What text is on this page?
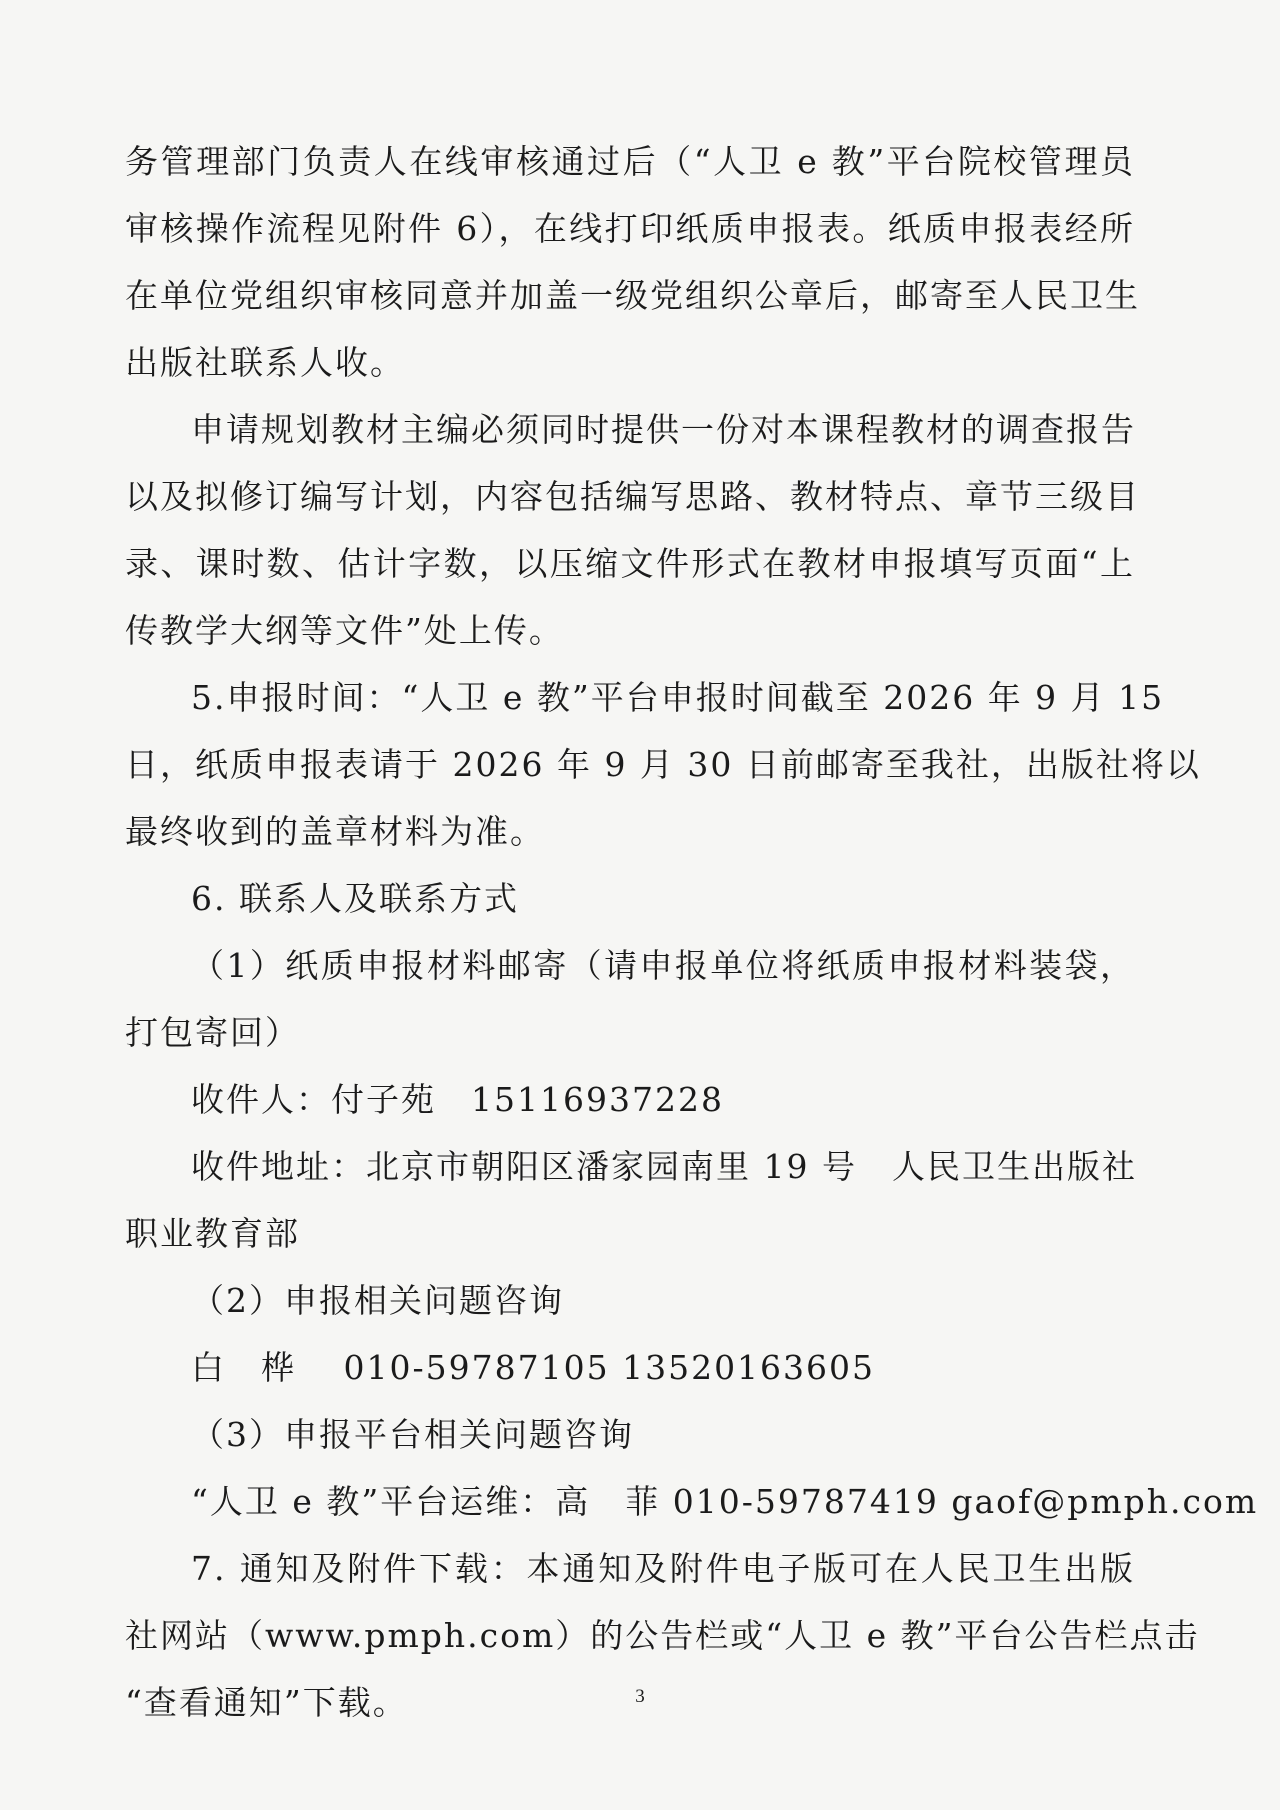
务管理部门负责人在线审核通过后（“人卫 e 教”平台院校管理员
审核操作流程见附件 6），在线打印纸质申报表。纸质申报表经所
在单位党组织审核同意并加盖一级党组织公章后，邮寄至人民卫生
出版社联系人收。
申请规划教材主编必须同时提供一份对本课程教材的调查报告
以及拟修订编写计划，内容包括编写思路、教材特点、章节三级目
录、课时数、估计字数，以压缩文件形式在教材申报填写页面“上
传教学大纲等文件”处上传。
5.申报时间：“人卫 e 教”平台申报时间截至 2026 年 9 月 15
日，纸质申报表请于 2026 年 9 月 30 日前邮寄至我社，出版社将以
最终收到的盖章材料为准。
6. 联系人及联系方式
（1）纸质申报材料邮寄（请申报单位将纸质申报材料装袋，
打包寄回）
收件人：付子苑　15116937228
收件地址：北京市朝阳区潘家园南里 19 号　人民卫生出版社
职业教育部
（2）申报相关问题咨询
白　桦　 010-59787105 13520163605
（3）申报平台相关问题咨询
“人卫 e 教”平台运维：高　菲 010-59787419 gaof@pmph.com
7. 通知及附件下载：本通知及附件电子版可在人民卫生出版
社网站（www.pmph.com）的公告栏或“人卫 e 教”平台公告栏点击
“查看通知”下载。	3
